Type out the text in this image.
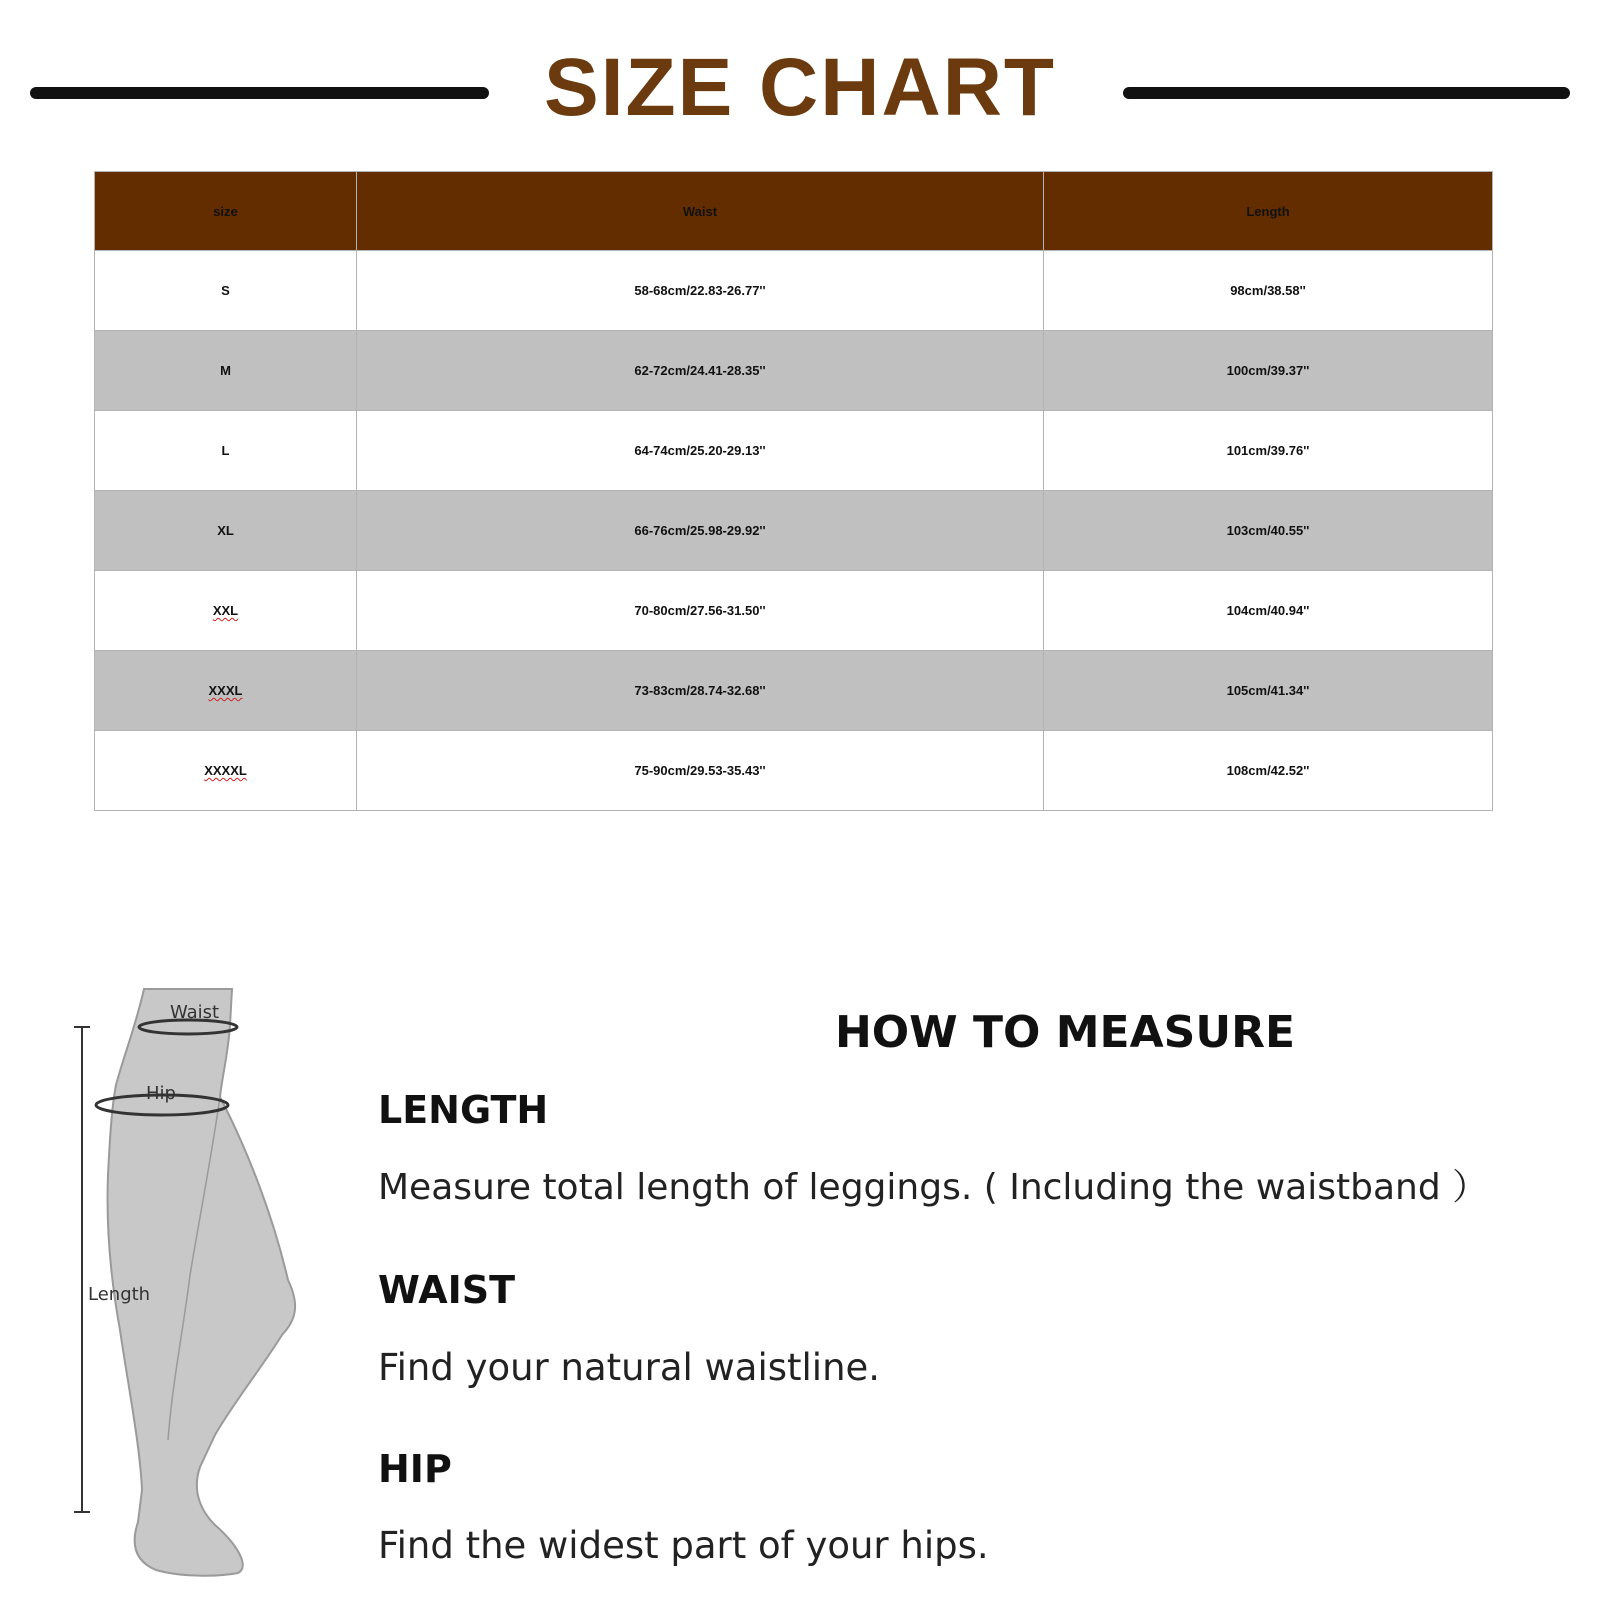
SIZE CHART
size	Waist	Length
S	58-68cm/22.83-26.77''	98cm/38.58''
M	62-72cm/24.41-28.35''	100cm/39.37''
L	64-74cm/25.20-29.13''	101cm/39.76''
XL	66-76cm/25.98-29.92''	103cm/40.55''
XXL	70-80cm/27.56-31.50''	104cm/40.94''
XXXL	73-83cm/28.74-32.68''	105cm/41.34''
XXXXL	75-90cm/29.53-35.43''	108cm/42.52''
Waist
Hip
Length
HOW TO MEASURE
LENGTH
Measure total length of leggings. ( Including the waistband ）
WAIST
Find your natural waistline.
HIP
Find the widest part of your hips.
